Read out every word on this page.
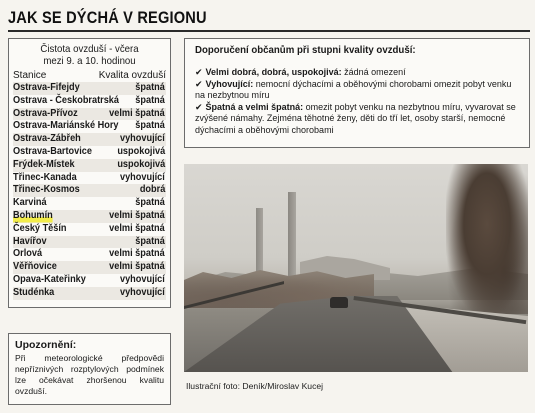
JAK SE DÝCHÁ V REGIONU
Čistota ovzduší - včera
mezi 9. a 10. hodinou
Stanice	Kvalita ovzduší
Ostrava-Fifejdy	špatná
Ostrava - Českobratrská špatná
Ostrava-Přívoz	velmi špatná
Ostrava-Mariánské Hory špatná
Ostrava-Zábřeh	vyhovující
Ostrava-Bartovice uspokojivá
Frýdek-Místek	uspokojivá
Třinec-Kanada	vyhovující
Třinec-Kosmos	dobrá
Karviná	špatná
Bohumín	velmi špatná
Český Těšín	velmi špatná
Havířov	špatná
Orlová	velmi špatná
Věřňovice	velmi špatná
Opava-Kateřinky	vyhovující
Studénka	vyhovující
Doporučení občanům při stupni kvality ovzduší:
✔ Velmi dobrá, dobrá, uspokojivá: žádná omezení
✔ Vyhovující: nemocní dýchacími a oběhovými chorobami omezit pobyt venku na nezbytnou míru
✔ Špatná a velmi špatná: omezit pobyt venku na nezbytnou míru, vyvarovat se zvýšené námahy. Zejména těhotné ženy, děti do tří let, osoby starší, nemocné dýchacími a oběhovými chorobami
Ilustrační foto: Deník/Miroslav Kucej
Upozornění:
Při meteorologické předpovědi nepříznivých rozptylových podmínek lze očekávat zhoršenou kvalitu ovzduší.
